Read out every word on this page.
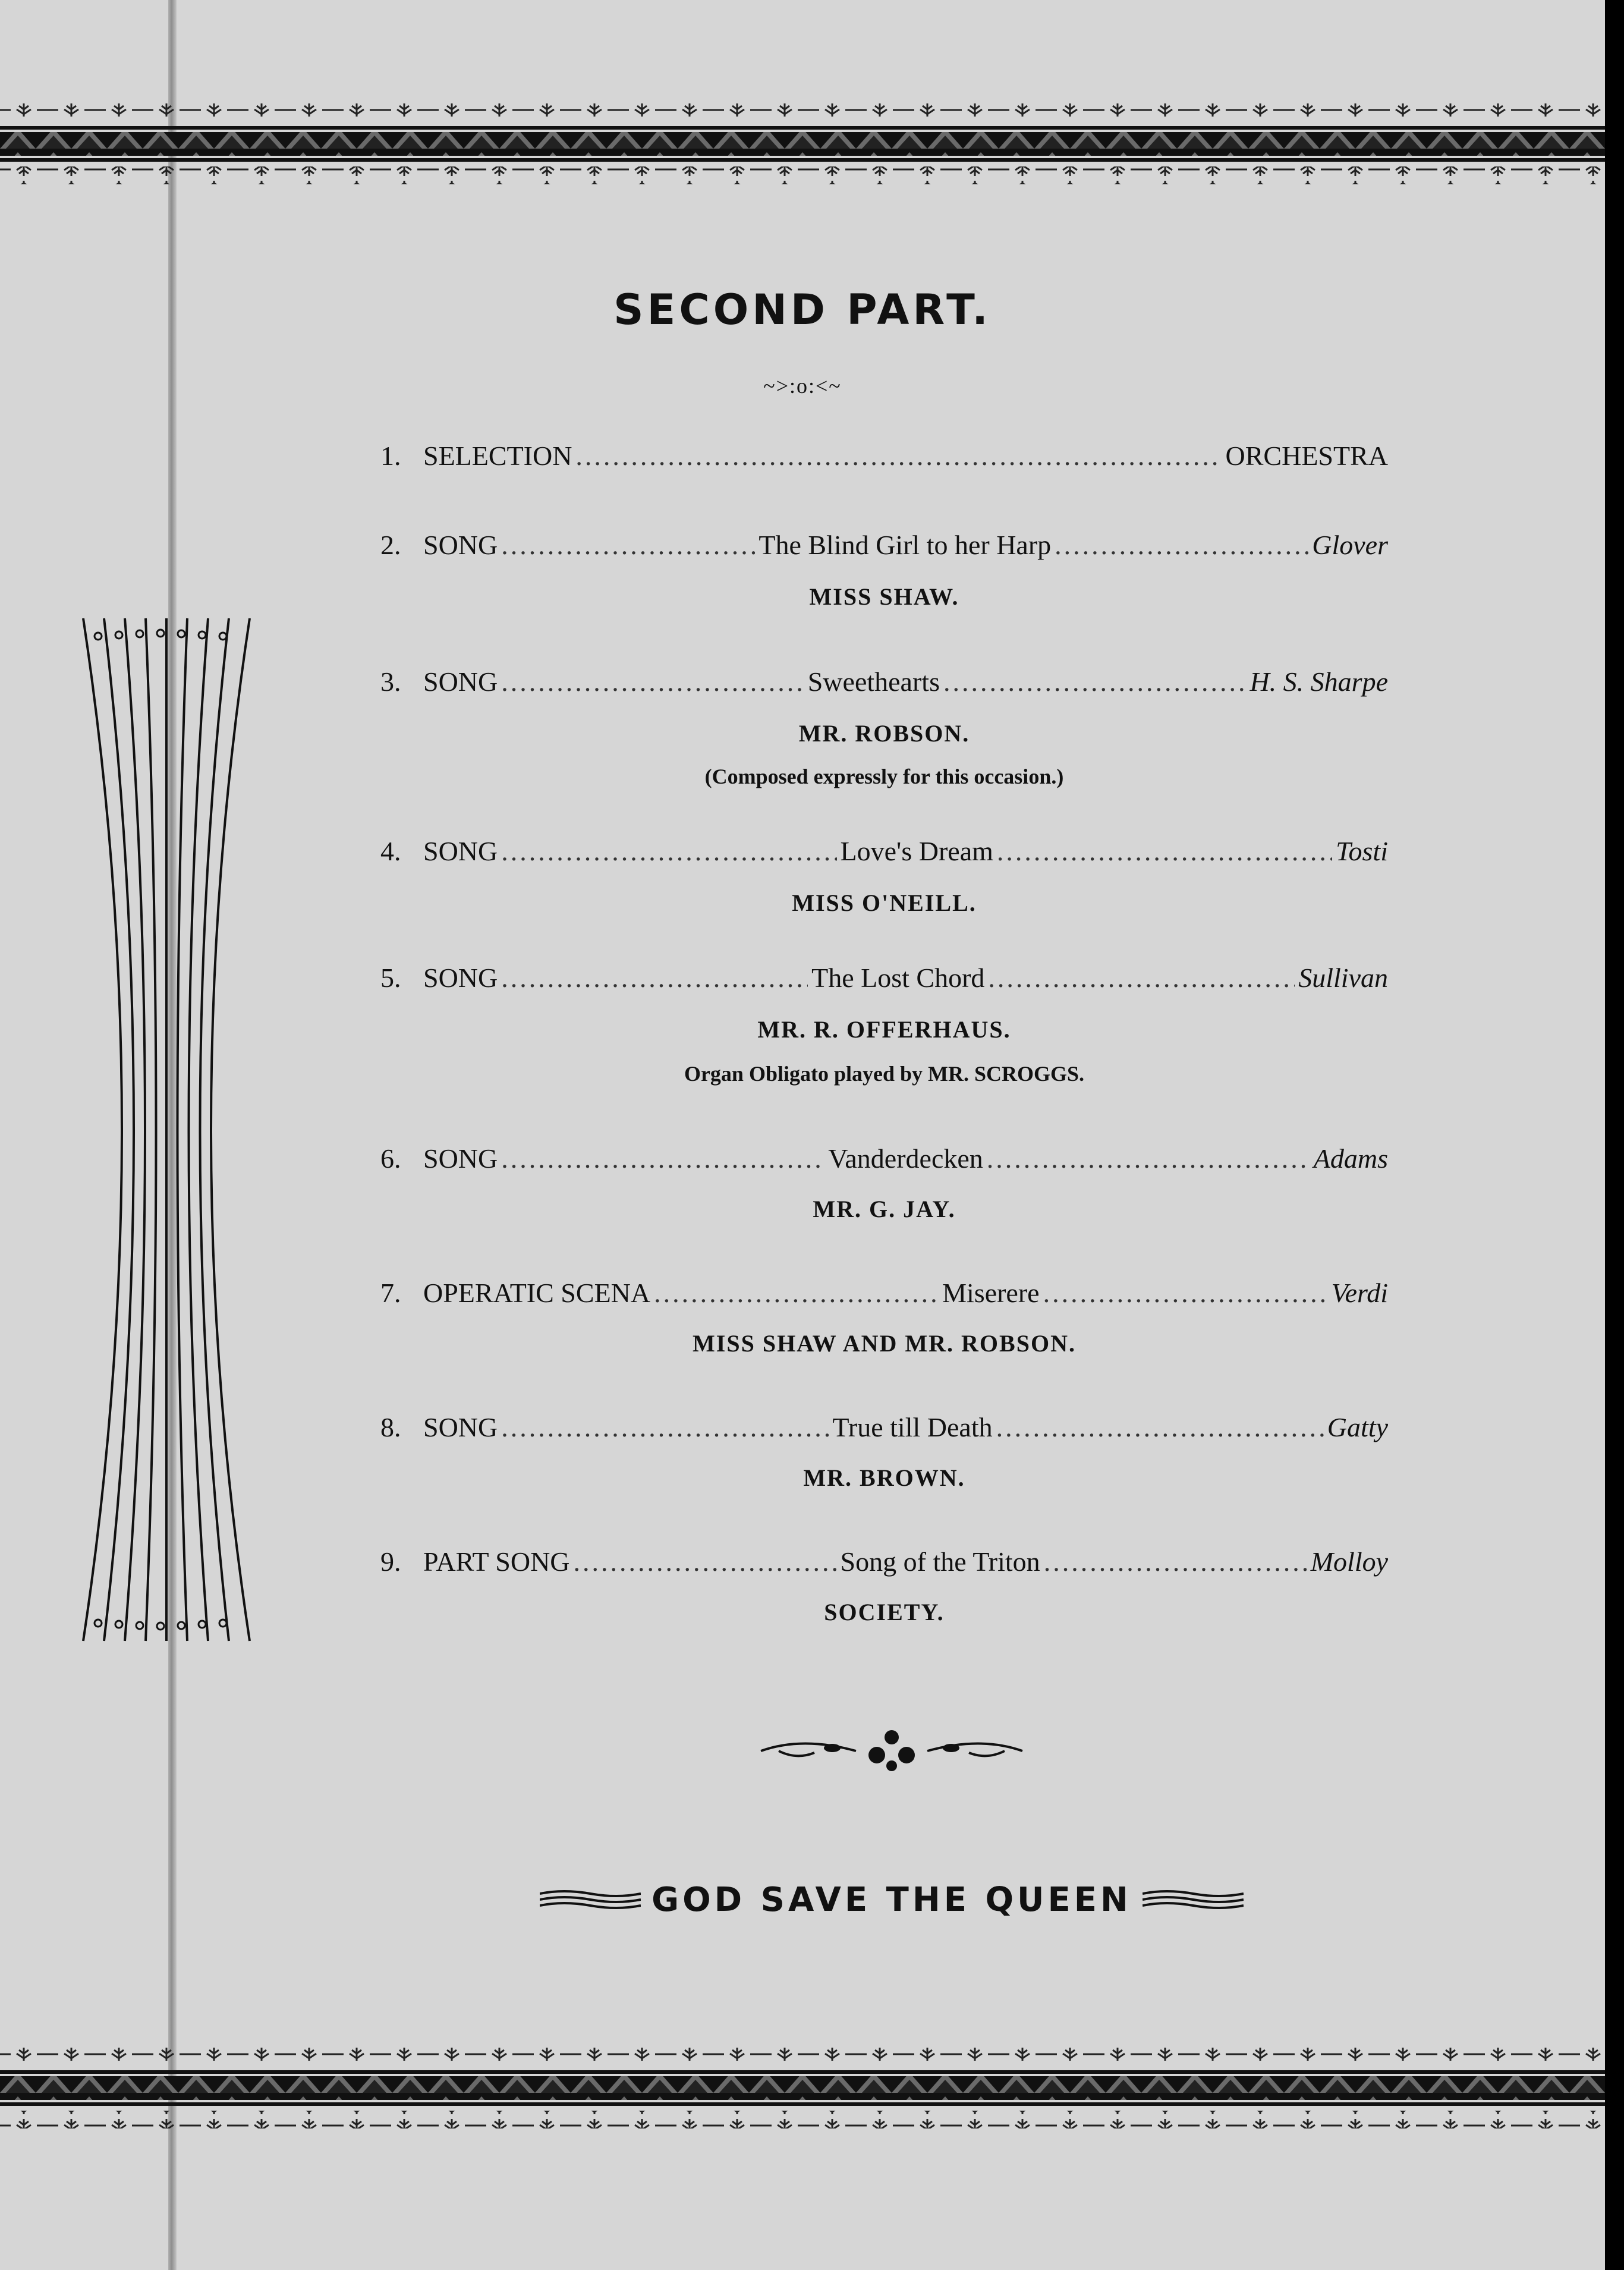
SECOND PART.
~>:o:<~
1. SELECTION .....	ORCHESTRA
2. SONG .....	The Blind Girl to her Harp .....	Glover
MISS SHAW.
3. SONG .....	Sweethearts .....	H. S. Sharpe
MR. ROBSON.
(Composed expressly for this occasion.)
4. SONG .....	Love's Dream .....	Tosti
MISS O'NEILL.
5. SONG .....	The Lost Chord .....	Sullivan
MR. R. OFFERHAUS.
Organ Obligato played by MR. SCROGGS.
6. SONG .....	Vanderdecken .....	Adams
MR. G. JAY.
7. OPERATIC SCENA .....	Miserere .....	Verdi
MISS SHAW AND MR. ROBSON.
8. SONG .....	True till Death .....	Gatty
MR. BROWN.
9. PART SONG .....	Song of the Triton .....	Molloy
SOCIETY.
GOD SAVE THE QUEEN
